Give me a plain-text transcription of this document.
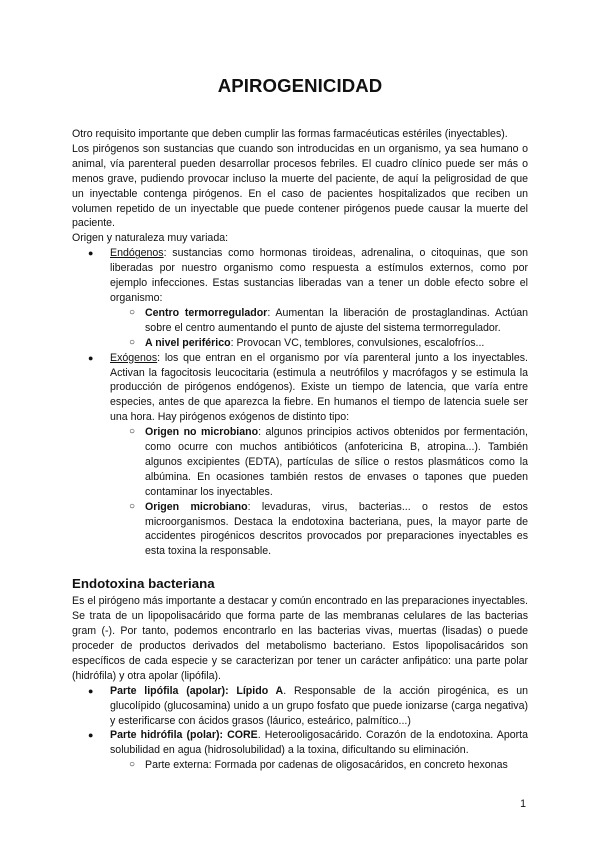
APIROGENICIDAD

Otro requisito importante que deben cumplir las formas farmacéuticas estériles (inyectables).

Los pirógenos son sustancias que cuando son introducidas en un organismo, ya sea humano o animal, vía parenteral pueden desarrollar procesos febriles. El cuadro clínico puede ser más o menos grave, pudiendo provocar incluso la muerte del paciente, de aquí la peligrosidad de que un inyectable contenga pirógenos. En el caso de pacientes hospitalizados que reciben un volumen repetido de un inyectable que puede contener pirógenos puede causar la muerte del paciente.

Origen y naturaleza muy variada:

● Endógenos: sustancias como hormonas tiroideas, adrenalina, o citoquinas, que son liberadas por nuestro organismo como respuesta a estímulos externos, como por ejemplo infecciones. Estas sustancias liberadas van a tener un doble efecto sobre el organismo:
○ Centro termorregulador: Aumentan la liberación de prostaglandinas. Actúan sobre el centro aumentando el punto de ajuste del sistema termorregulador.
○ A nivel periférico: Provocan VC, temblores, convulsiones, escalofríos...
● Exógenos: los que entran en el organismo por vía parenteral junto a los inyectables. Activan la fagocitosis leucocitaria (estimula a neutrófilos y macrófagos y se estimula la producción de pirógenos endógenos). Existe un tiempo de latencia, que varía entre especies, antes de que aparezca la fiebre. En humanos el tiempo de latencia suele ser una hora. Hay pirógenos exógenos de distinto tipo:
○ Origen no microbiano: algunos principios activos obtenidos por fermentación, como ocurre con muchos antibióticos (anfotericina B, atropina...). También algunos excipientes (EDTA), partículas de sílice o restos plasmáticos como la albúmina. En ocasiones también restos de envases o tapones que pueden contaminar los inyectables.
○ Origen microbiano: levaduras, virus, bacterias... o restos de estos microorganismos. Destaca la endotoxina bacteriana, pues, la mayor parte de accidentes pirogénicos descritos provocados por preparaciones inyectables es esta toxina la responsable.
Endotoxina bacteriana

Es el pirógeno más importante a destacar y común encontrado en las preparaciones inyectables. Se trata de un lipopolisacárido que forma parte de las membranas celulares de las bacterias gram (-). Por tanto, podemos encontrarlo en las bacterias vivas, muertas (lisadas) o puede proceder de productos derivados del metabolismo bacteriano. Estos lipopolisacáridos son específicos de cada especie y se caracterizan por tener un carácter anfipático: una parte polar (hidrófila) y otra apolar (lipófila).

● Parte lipófila (apolar): Lípido A. Responsable de la acción pirogénica, es un glucolípido (glucosamina) unido a un grupo fosfato que puede ionizarse (carga negativa) y esterificarse con ácidos grasos (láurico, esteárico, palmítico...)
● Parte hidrófila (polar): CORE. Heterooligosacárido. Corazón de la endotoxina. Aporta solubilidad en agua (hidrosolubilidad) a la toxina, dificultando su eliminación.
○ Parte externa: Formada por cadenas de oligosacáridos, en concreto hexonas
1
